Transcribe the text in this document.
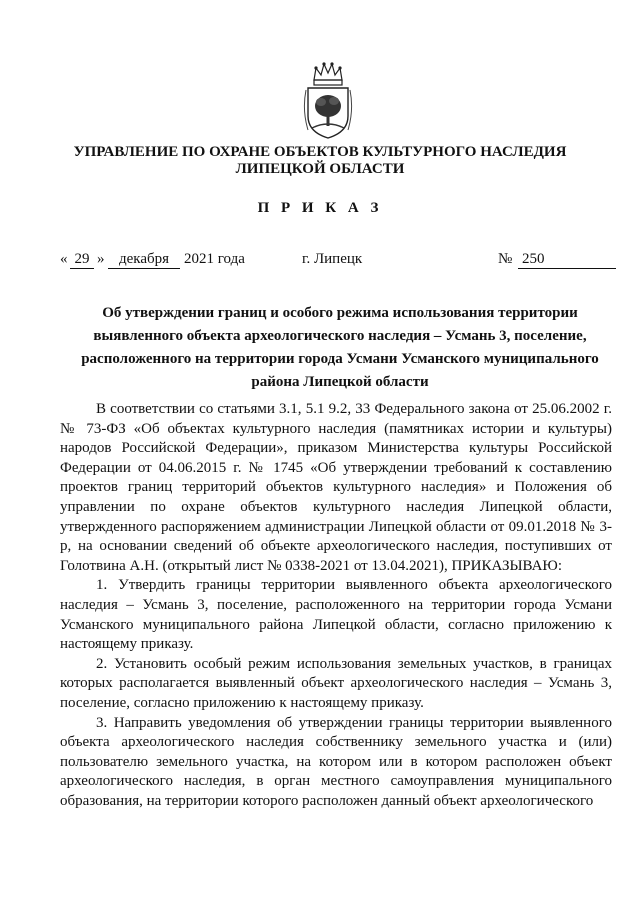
УПРАВЛЕНИЕ ПО ОХРАНЕ ОБЪЕКТОВ КУЛЬТУРНОГО НАСЛЕДИЯ
ЛИПЕЦКОЙ ОБЛАСТИ
П Р И К А З
« 29 » декабря 2021 года	г. Липецк	№ 250
Об утверждении границ и особого режима использования территории
выявленного объекта археологического наследия – Усмань 3, поселение,
расположенного на территории города Усмани Усманского муниципального
района Липецкой области

В соответствии со статьями 3.1, 5.1 9.2, 33 Федерального закона от 25.06.2002 г. № 73-ФЗ «Об объектах культурного наследия (памятниках истории и культуры) народов Российской Федерации», приказом Министерства культуры Российской Федерации от 04.06.2015 г. № 1745 «Об утверждении требований к составлению проектов границ территорий объектов культурного наследия» и Положения об управлении по охране объектов культурного наследия Липецкой области, утвержденного распоряжением администрации Липецкой области от 09.01.2018 № 3-р, на основании сведений об объекте археологического наследия, поступивших от Голотвина А.Н. (открытый лист № 0338-2021 от 13.04.2021), ПРИКАЗЫВАЮ:

1. Утвердить границы территории выявленного объекта археологического наследия – Усмань 3, поселение, расположенного на территории города Усмани Усманского муниципального района Липецкой области, согласно приложению к настоящему приказу.

2. Установить особый режим использования земельных участков, в границах которых располагается выявленный объект археологического наследия – Усмань 3, поселение, согласно приложению к настоящему приказу.

3. Направить уведомления об утверждении границы территории выявленного объекта археологического наследия собственнику земельного участка и (или) пользователю земельного участка, на котором или в котором расположен объект археологического наследия, в орган местного самоуправления муниципального образования, на территории которого расположен данный объект археологического
